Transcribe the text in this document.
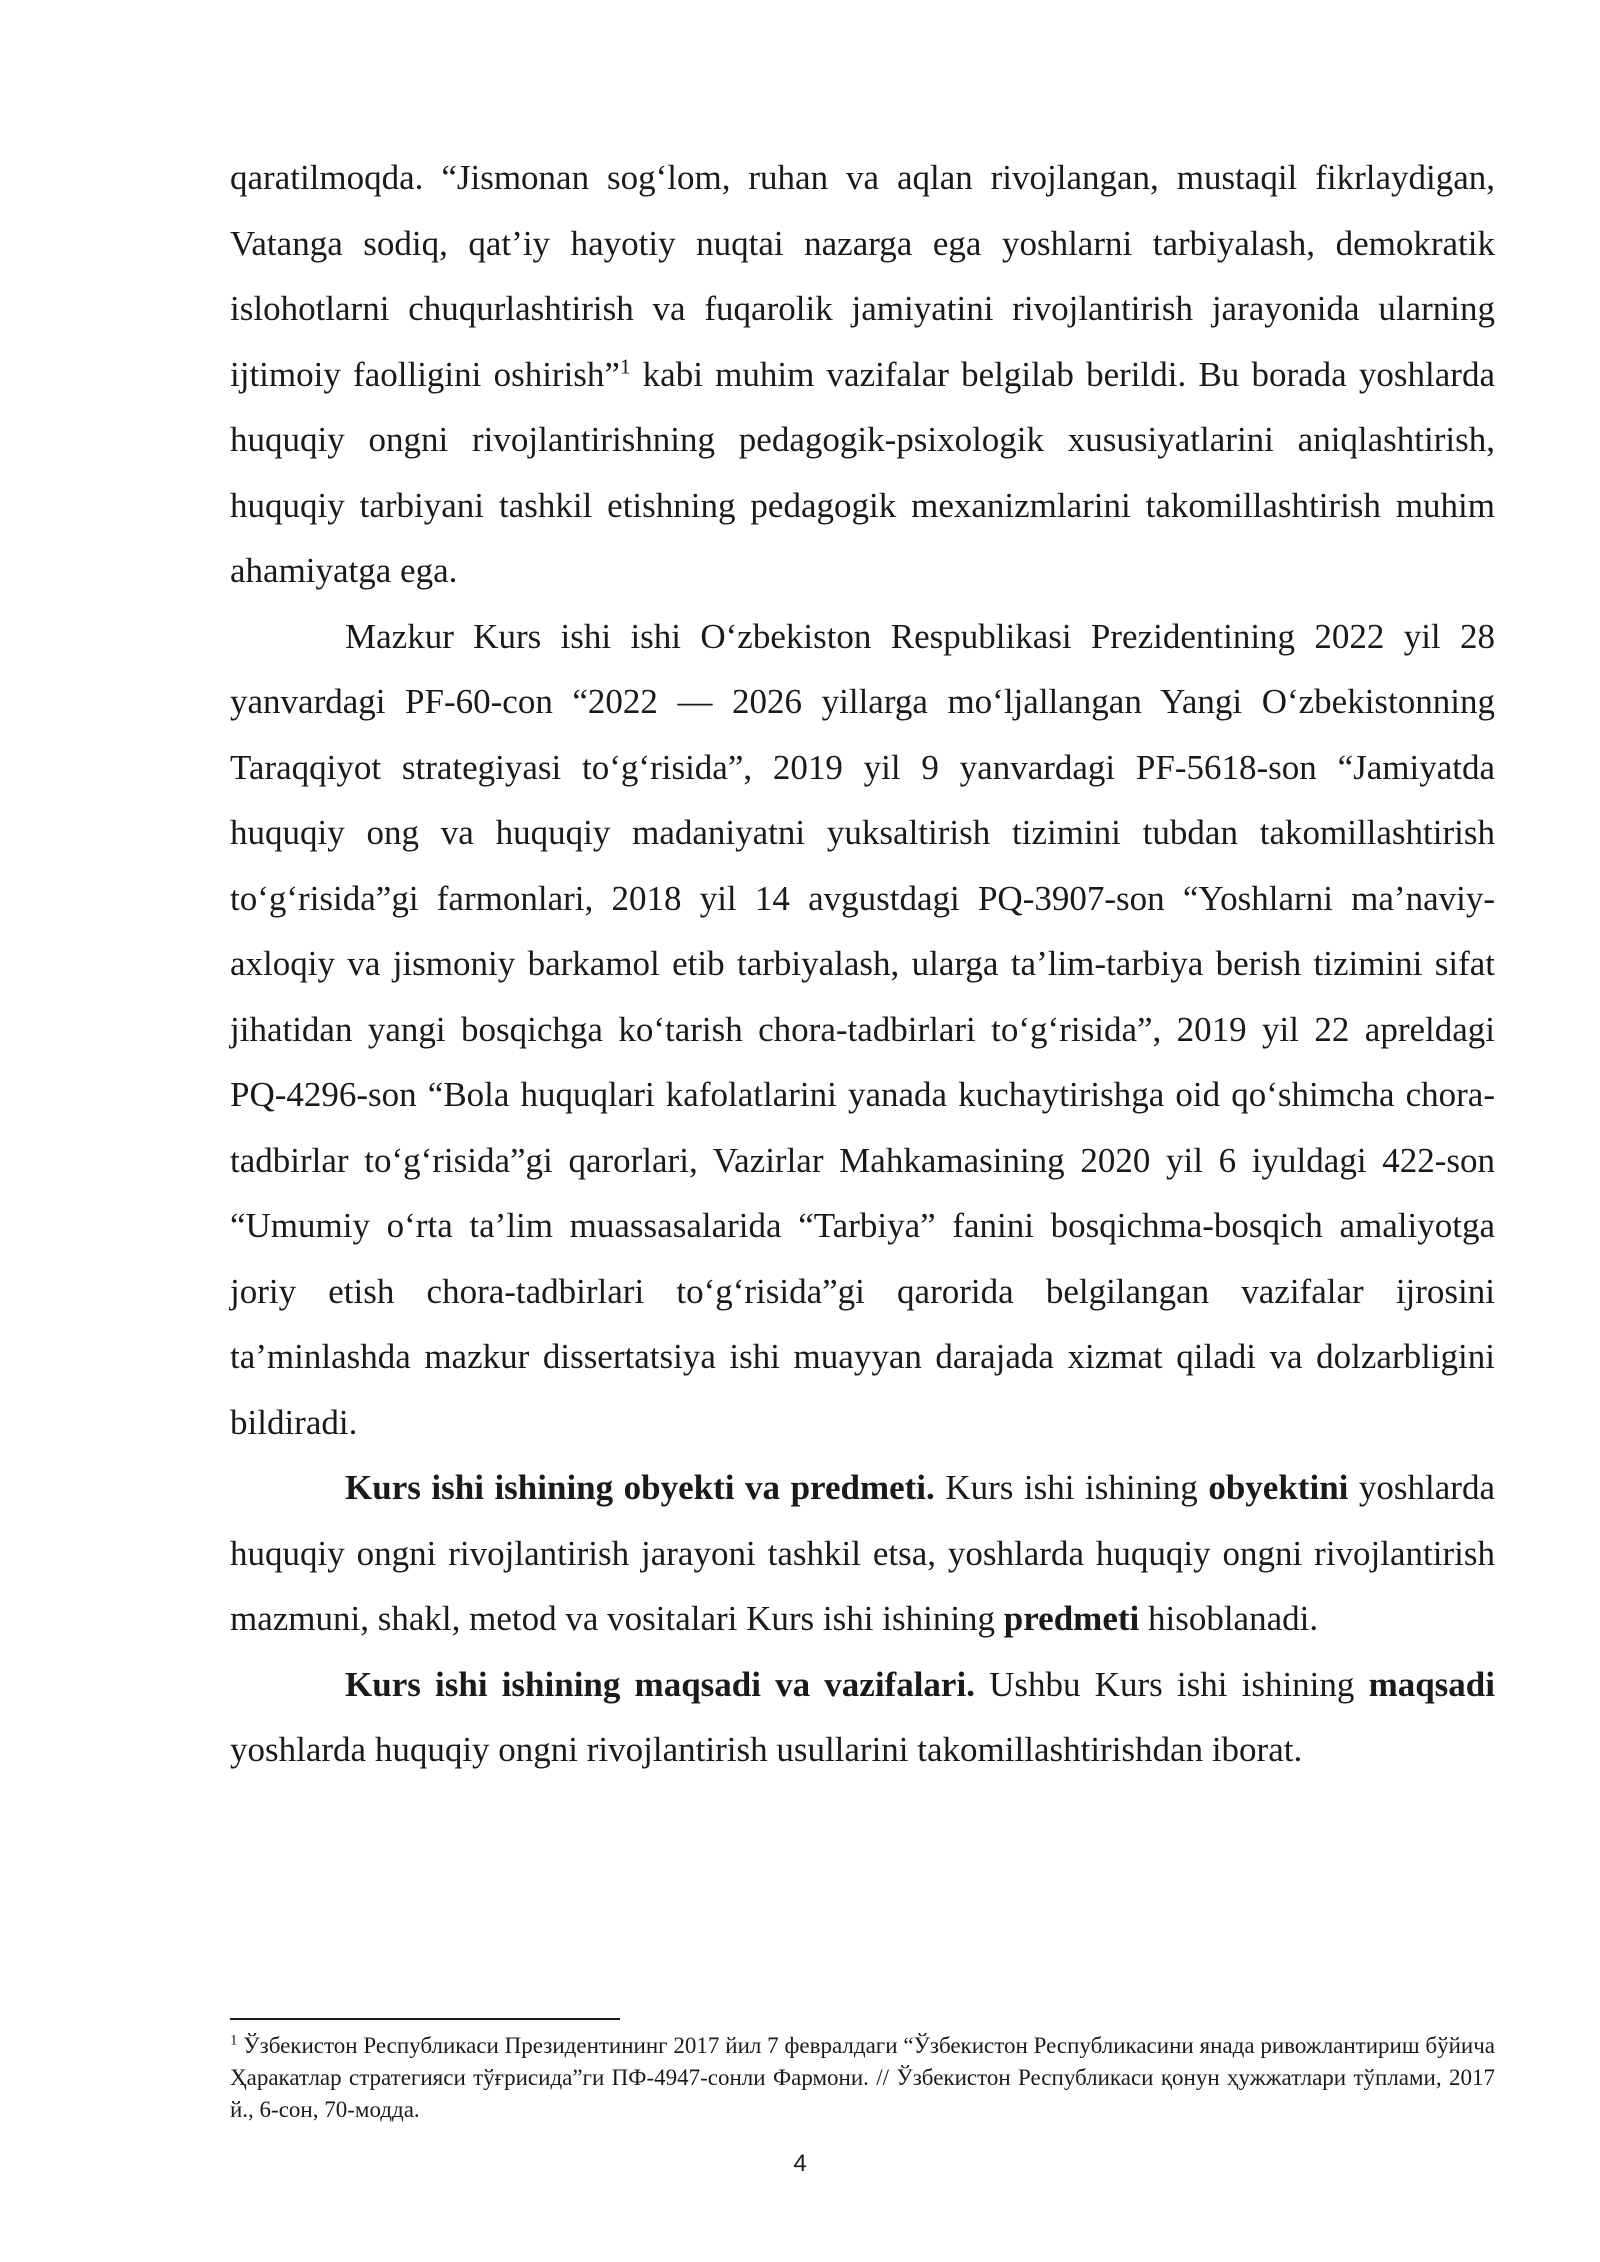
qaratilmoqda. “Jismonan sog‘lom, ruhan va aqlan rivojlangan, mustaqil fikrlaydigan, Vatanga sodiq, qat’iy hayotiy nuqtai nazarga ega yoshlarni tarbiyalash, demokratik islohotlarni chuqurlashtirish va fuqarolik jamiyatini rivojlantirish jarayonida ularning ijtimoiy faolligini oshirish”$^1$ kabi muhim vazifalar belgilab berildi. Bu borada yoshlarda huquqiy ongni rivojlantirishning pedagogik-psixologik xususiyatlarini aniqlashtirish, huquqiy tarbiyani tashkil etishning pedagogik mexanizmlarini takomillashtirish muhim ahamiyatga ega.

Mazkur Kurs ishi ishi O‘zbekiston Respublikasi Prezidentining 2022 yil 28 yanvardagi PF-60-con “2022 — 2026 yillarga mo‘ljallangan Yangi O‘zbekistonning Taraqqiyot strategiyasi to‘g‘risida”, 2019 yil 9 yanvardagi PF-5618-son “Jamiyatda huquqiy ong va huquqiy madaniyatni yuksaltirish tizimini tubdan takomillashtirish to‘g‘risida”gi farmonlari, 2018 yil 14 avgustdagi PQ-3907-son “Yoshlarni ma’naviy-axloqiy va jismoniy barkamol etib tarbiyalash, ularga ta’lim-tarbiya berish tizimini sifat jihatidan yangi bosqichga ko‘tarish chora-tadbirlari to‘g‘risida”, 2019 yil 22 apreldagi PQ-4296-son “Bola huquqlari kafolatlarini yanada kuchaytirishga oid qo‘shimcha chora-tadbirlar to‘g‘risida”gi qarorlari, Vazirlar Mahkamasining 2020 yil 6 iyuldagi 422-son “Umumiy o‘rta ta’lim muassasalarida “Tarbiya” fanini bosqichma-bosqich amaliyotga joriy etish chora-tadbirlari to‘g‘risida”gi qarorida belgilangan vazifalar ijrosini ta’minlashda mazkur dissertatsiya ishi muayyan darajada xizmat qiladi va dolzarbligini bildiradi.

Kurs ishi ishining obyekti va predmeti. Kurs ishi ishining obyektini yoshlarda huquqiy ongni rivojlantirish jarayoni tashkil etsa, yoshlarda huquqiy ongni rivojlantirish mazmuni, shakl, metod va vositalari Kurs ishi ishining predmeti hisoblanadi.

Kurs ishi ishining maqsadi va vazifalari. Ushbu Kurs ishi ishining maqsadi yoshlarda huquqiy ongni rivojlantirish usullarini takomillashtirishdan iborat.

$^1$ Ўзбекистон Республикаси Президентининг 2017 йил 7 февралдаги “Ўзбекистон Республикасини янада ривожлантириш бўйича Ҳаракатлар стратегияси тўғрисида”ги ПФ-4947-сонли Фармони. // Ўзбекистон Республикаси қонун ҳужжатлари тўплами, 2017 й., 6-сон, 70-модда.

4
